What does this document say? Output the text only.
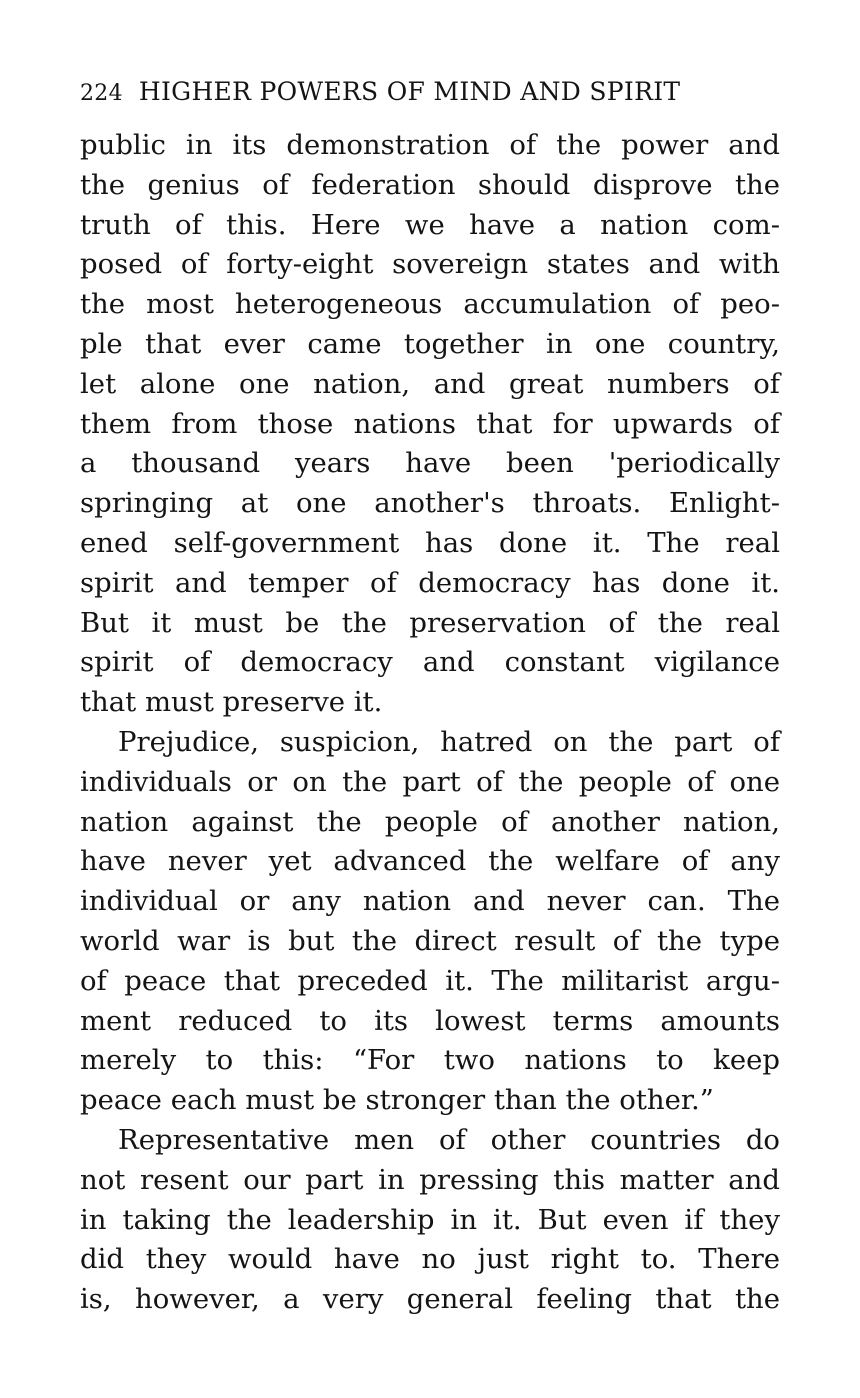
224 HIGHER POWERS OF MIND AND SPIRIT
public in its demonstration of the power and
the genius of federation should disprove the
truth of this. Here we have a nation com-
posed of forty-eight sovereign states and with
the most heterogeneous accumulation of peo-
ple that ever came together in one country,
let alone one nation, and great numbers of
them from those nations that for upwards of
a thousand years have been 'periodically
springing at one another's throats. Enlight-
ened self-government has done it. The real
spirit and temper of democracy has done it.
But it must be the preservation of the real
spirit of democracy and constant vigilance
that must preserve it.
Prejudice, suspicion, hatred on the part of
individuals or on the part of the people of one
nation against the people of another nation,
have never yet advanced the welfare of any
individual or any nation and never can. The
world war is but the direct result of the type
of peace that preceded it. The militarist argu-
ment reduced to its lowest terms amounts
merely to this: “For two nations to keep
peace each must be stronger than the other.”
Representative men of other countries do
not resent our part in pressing this matter and
in taking the leadership in it. But even if they
did they would have no just right to. There
is, however, a very general feeling that the
